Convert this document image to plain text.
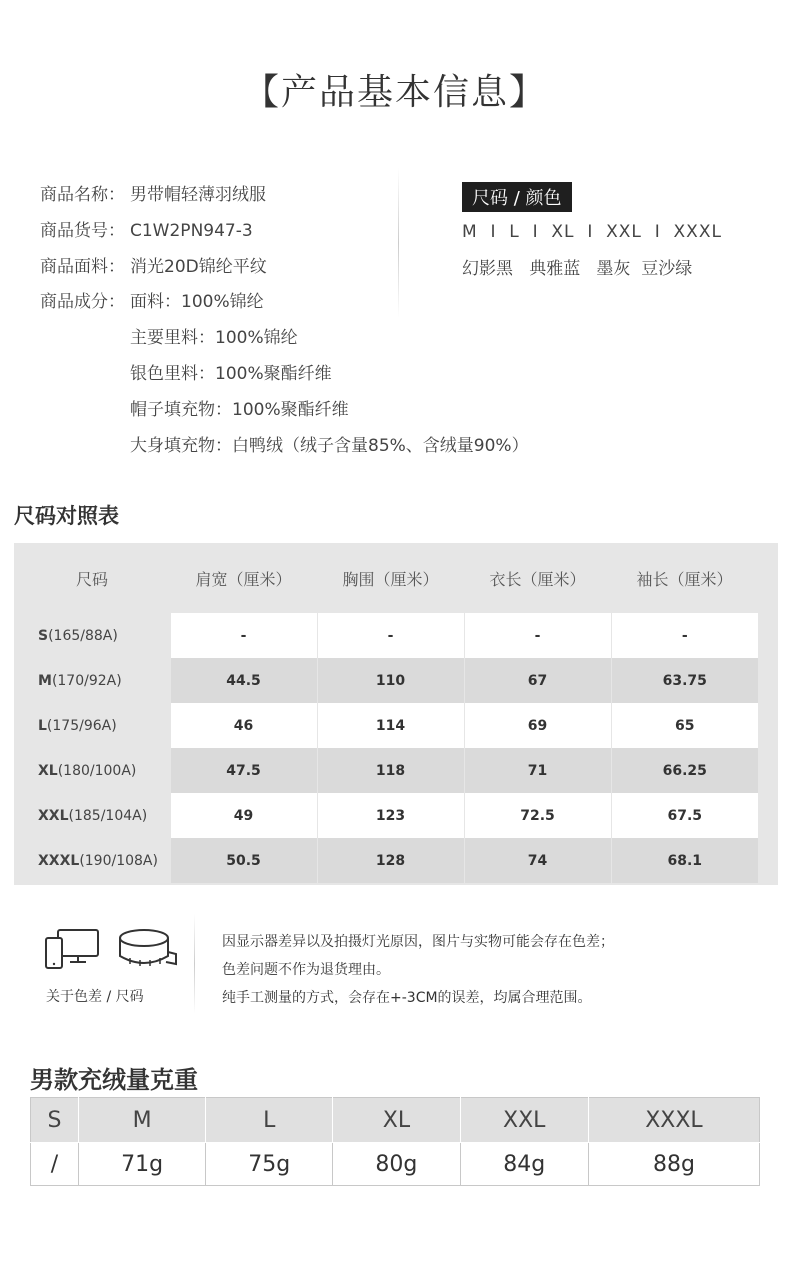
【产品基本信息】
商品名称： 男带帽轻薄羽绒服
商品货号： C1W2PN947-3
商品面料： 消光20D锦纶平纹
商品成分： 面料：100%锦纶
主要里料：100%锦纶
银色里料：100%聚酯纤维
帽子填充物：100%聚酯纤维
大身填充物：白鸭绒（绒子含量85%、含绒量90%）
尺码 / 颜色
M  I  L  I  XL  I  XXL  I  XXXL
幻影黑   典雅蓝   墨灰  豆沙绿
尺码对照表
尺码	肩宽（厘米）	胸围（厘米）	衣长（厘米）	袖长（厘米）
S(165/88A)	-	-	-	-
M(170/92A)	44.5	110	67	63.75
L(175/96A)	46	114	69	65
XL(180/100A)	47.5	118	71	66.25
XXL(185/104A)	49	123	72.5	67.5
XXXL(190/108A)	50.5	128	74	68.1
关于色差 / 尺码
因显示器差异以及拍摄灯光原因，图片与实物可能会存在色差；
色差问题不作为退货理由。
纯手工测量的方式，会存在+-3CM的误差，均属合理范围。
男款充绒量克重
S	M	L	XL	XXL	XXXL
/	71g	75g	80g	84g	88g
